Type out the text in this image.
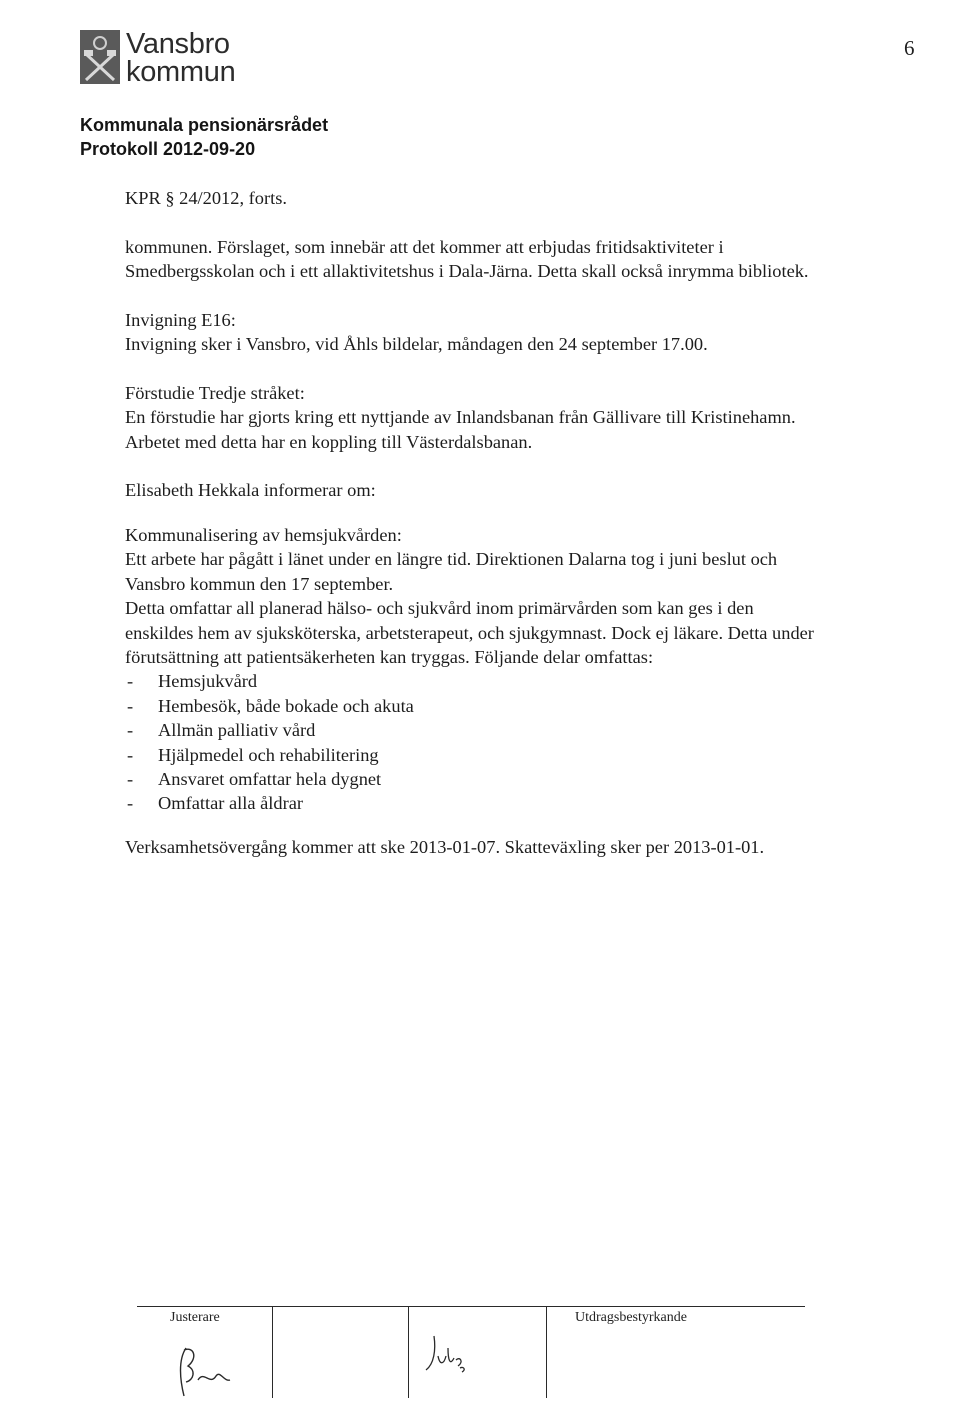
Vansbro
kommun
6
Kommunala pensionärsrådet
Protokoll 2012-09-20

KPR § 24/2012, forts.

kommunen. Förslaget, som innebär att det kommer att erbjudas fritidsaktiviteter i

Smedbergsskolan och i ett allaktivitetshus i Dala-Järna. Detta skall också inrymma bibliotek.

Invigning E16:

Invigning sker i Vansbro, vid Åhls bildelar, måndagen den 24 september 17.00.

Förstudie Tredje stråket:

En förstudie har gjorts kring ett nyttjande av Inlandsbanan från Gällivare till Kristinehamn.

Arbetet med detta har en koppling till Västerdalsbanan.

Elisabeth Hekkala informerar om:

Kommunalisering av hemsjukvården:

Ett arbete har pågått i länet under en längre tid. Direktionen Dalarna tog i juni beslut och

Vansbro kommun den 17 september.

Detta omfattar all planerad hälso- och sjukvård inom primärvården som kan ges i den

enskildes hem av sjuksköterska, arbetsterapeut, och sjukgymnast. Dock ej läkare. Detta under

förutsättning att patientsäkerheten kan tryggas. Följande delar omfattas:

- Hemsjukvård
- Hembesök, både bokade och akuta
- Allmän palliativ vård
- Hjälpmedel och rehabilitering
- Ansvaret omfattar hela dygnet
- Omfattar alla åldrar

Verksamhetsövergång kommer att ske 2013-01-07. Skatteväxling sker per 2013-01-01.

Justerare	Utdragsbestyrkande
